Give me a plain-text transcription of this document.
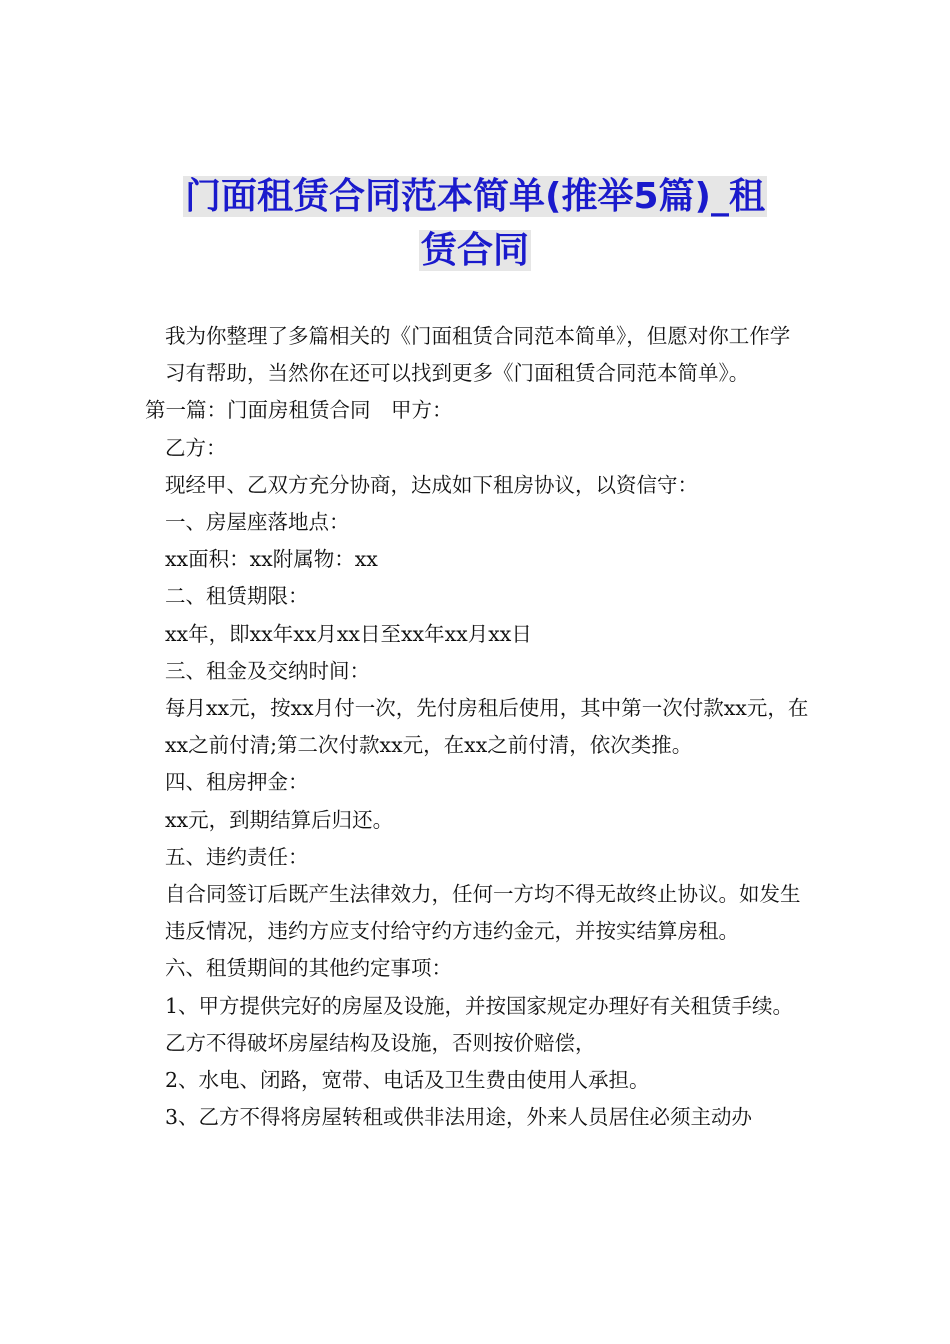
门面租赁合同范本简单(推举5篇)_租
赁合同

我为你整理了多篇相关的《门面租赁合同范本简单》，但愿对你工作学习有帮助，当然你在还可以找到更多《门面租赁合同范本简单》。

第一篇：门面房租赁合同　甲方：

乙方：

现经甲、乙双方充分协商，达成如下租房协议，以资信守：

一、房屋座落地点：

xx面积：xx附属物：xx

二、租赁期限：

xx年，即xx年xx月xx日至xx年xx月xx日

三、租金及交纳时间：

每月xx元，按xx月付一次，先付房租后使用，其中第一次付款xx元，在xx之前付清;第二次付款xx元，在xx之前付清，依次类推。

四、租房押金：

xx元，到期结算后归还。

五、违约责任：

自合同签订后既产生法律效力，任何一方均不得无故终止协议。如发生违反情况，违约方应支付给守约方违约金元，并按实结算房租。

六、租赁期间的其他约定事项：

1、甲方提供完好的房屋及设施，并按国家规定办理好有关租赁手续。乙方不得破坏房屋结构及设施，否则按价赔偿，

2、水电、闭路，宽带、电话及卫生费由使用人承担。

3、乙方不得将房屋转租或供非法用途，外来人员居住必须主动办
